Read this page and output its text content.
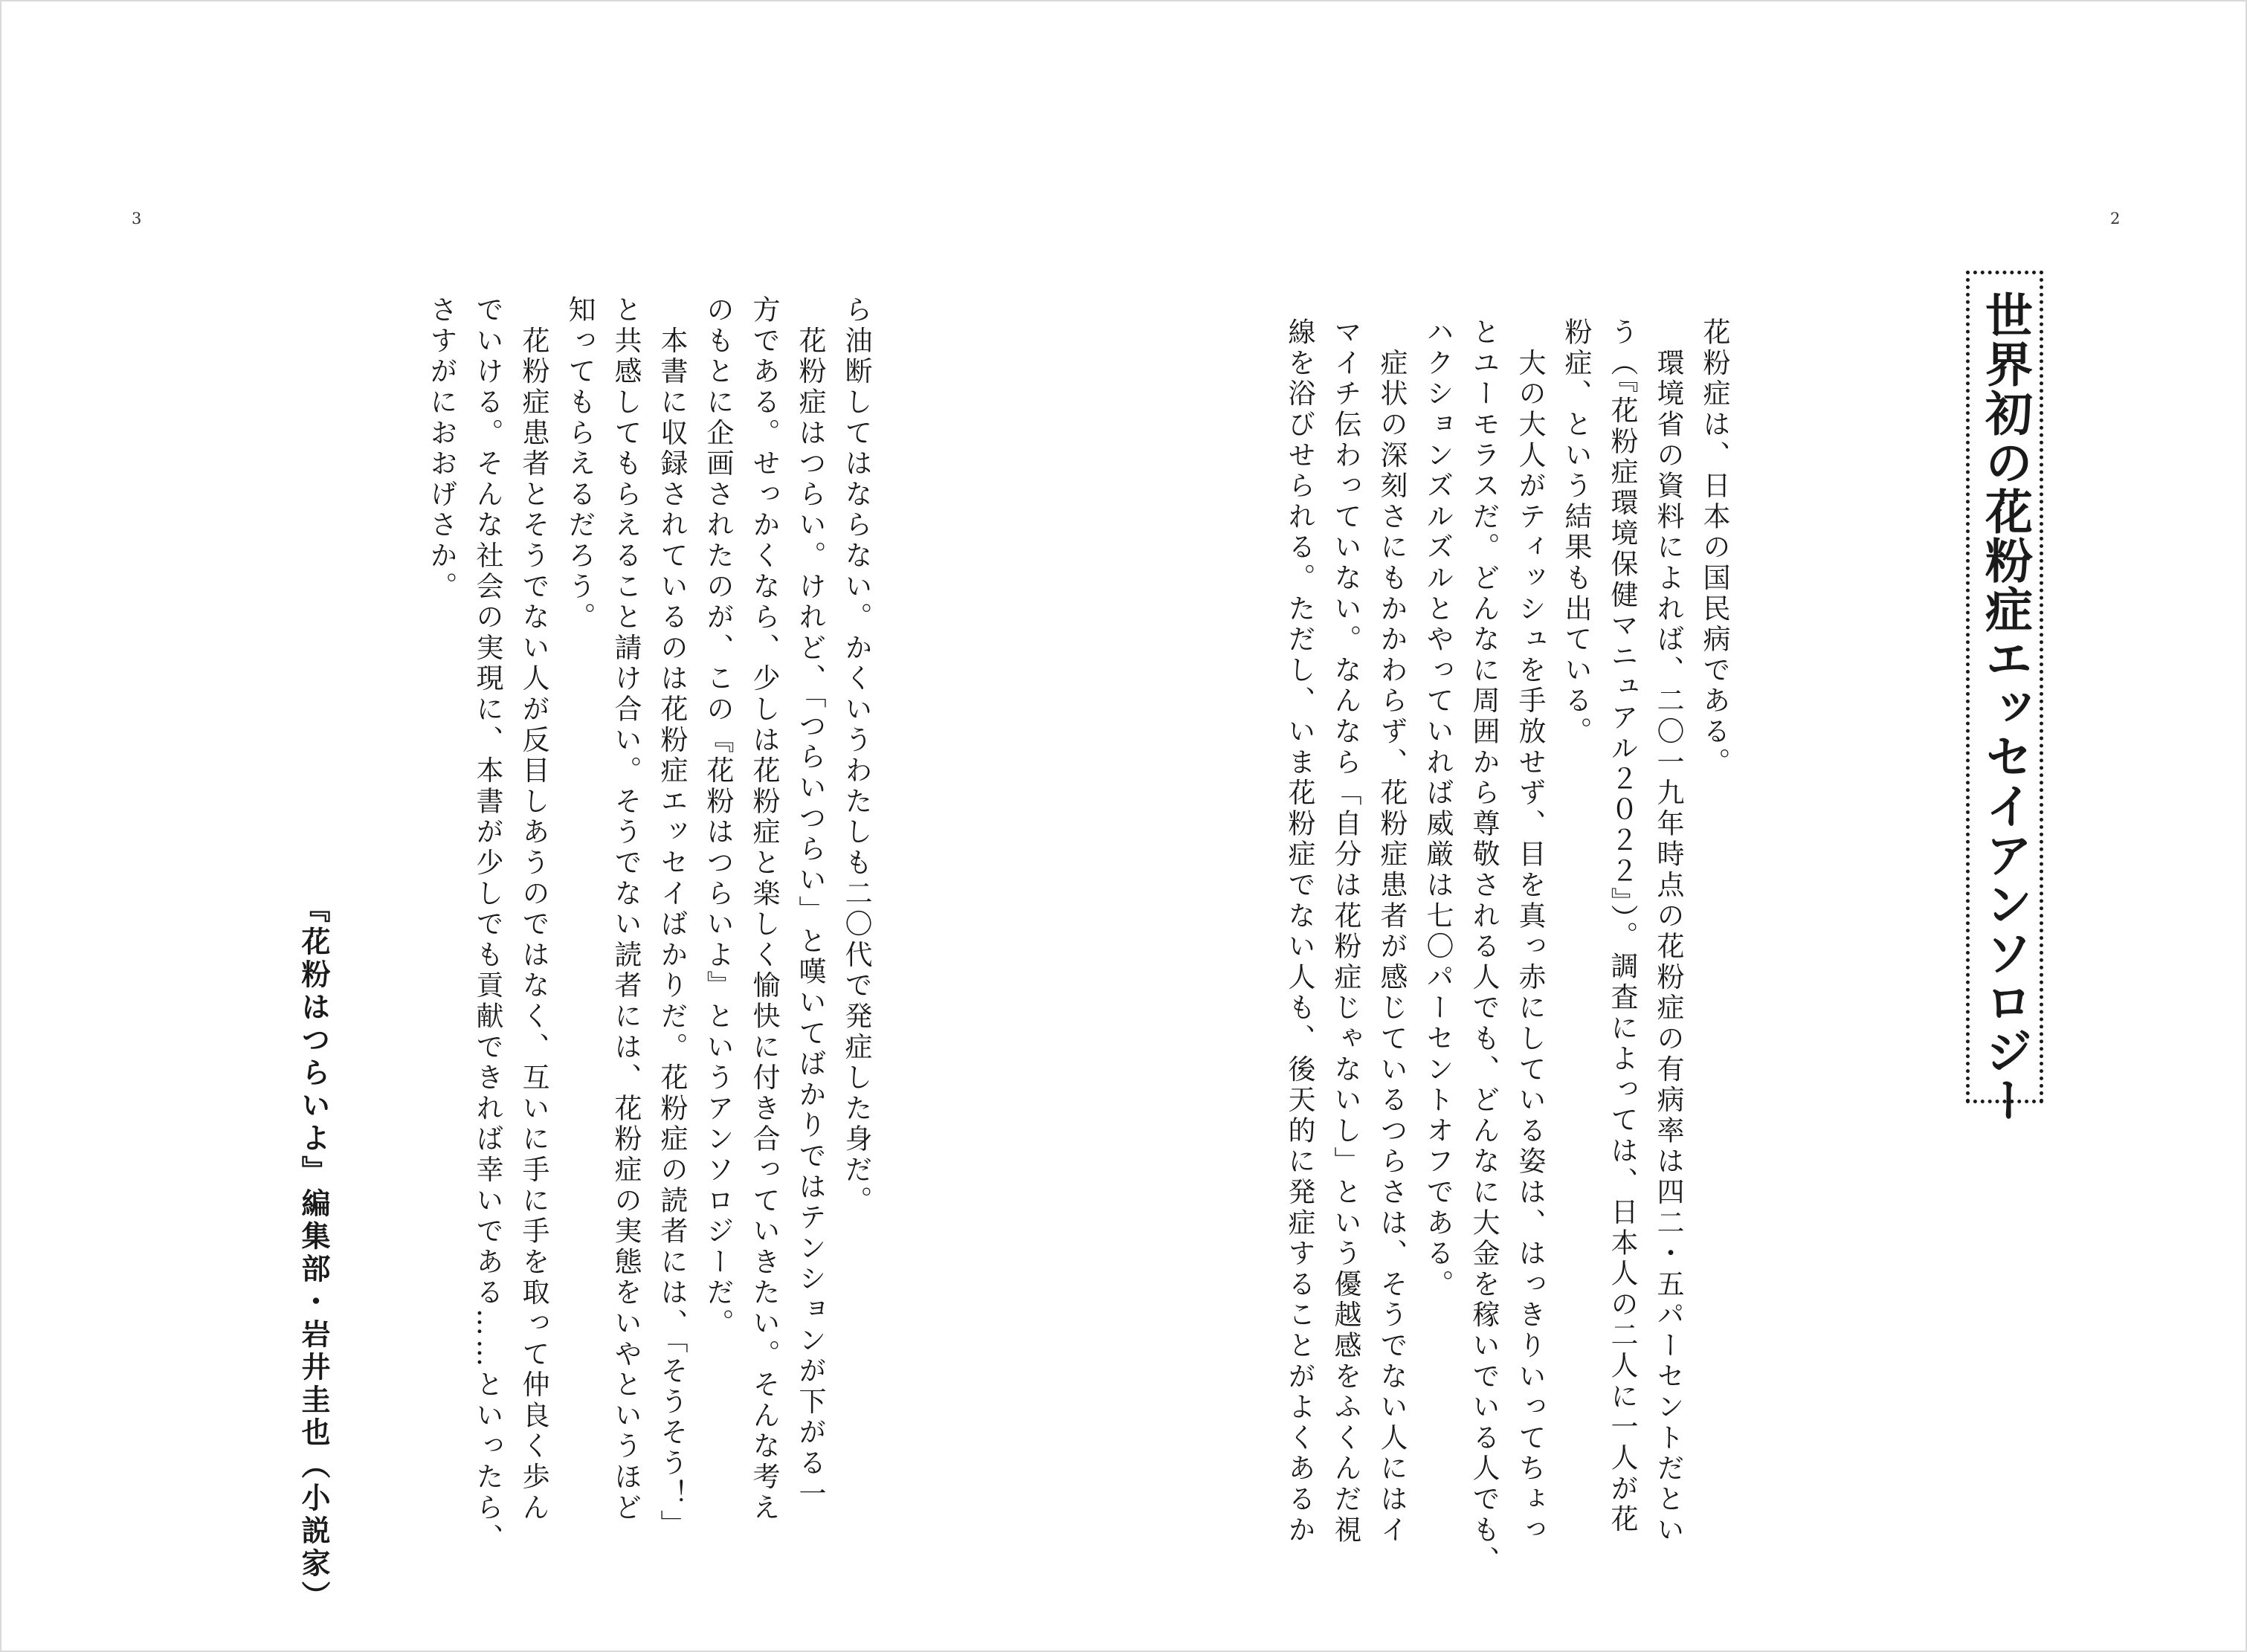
3	2
世界初の花粉症エッセイアンソロジー

花粉症は、日本の国民病である。

　環境省の資料によれば、二〇一九年時点の花粉症の有病率は四二・五パーセントだとい

う（『花粉症環境保健マニュアル２０２２』）。調査によっては、日本人の二人に一人が花

粉症、という結果も出ている。

　大の大人がティッシュを手放せず、目を真っ赤にしている姿は、はっきりいってちょっ

とユーモラスだ。どんなに周囲から尊敬される人でも、どんなに大金を稼いでいる人でも、

ハクションズルズルとやっていれば威厳は七〇パーセントオフである。

　症状の深刻さにもかかわらず、花粉症患者が感じているつらさは、そうでない人にはイ

マイチ伝わっていない。なんなら「自分は花粉症じゃないし」という優越感をふくんだ視

線を浴びせられる。ただし、いま花粉症でない人も、後天的に発症することがよくあるか

ら油断してはならない。かくいうわたしも二〇代で発症した身だ。

　花粉症はつらい。けれど、「つらいつらい」と嘆いてばかりではテンションが下がる一

方である。せっかくなら、少しは花粉症と楽しく愉快に付き合っていきたい。そんな考え

のもとに企画されたのが、この『花粉はつらいよ』というアンソロジーだ。

　本書に収録されているのは花粉症エッセイばかりだ。花粉症の読者には、「そうそう！」

と共感してもらえること請け合い。そうでない読者には、花粉症の実態をいやというほど

知ってもらえるだろう。

　花粉症患者とそうでない人が反目しあうのではなく、互いに手に手を取って仲良く歩ん

でいける。そんな社会の実現に、本書が少しでも貢献できれば幸いである……といったら、

さすがにおおげさか。

『花粉はつらいよ』編集部・岩井圭也（小説家）
